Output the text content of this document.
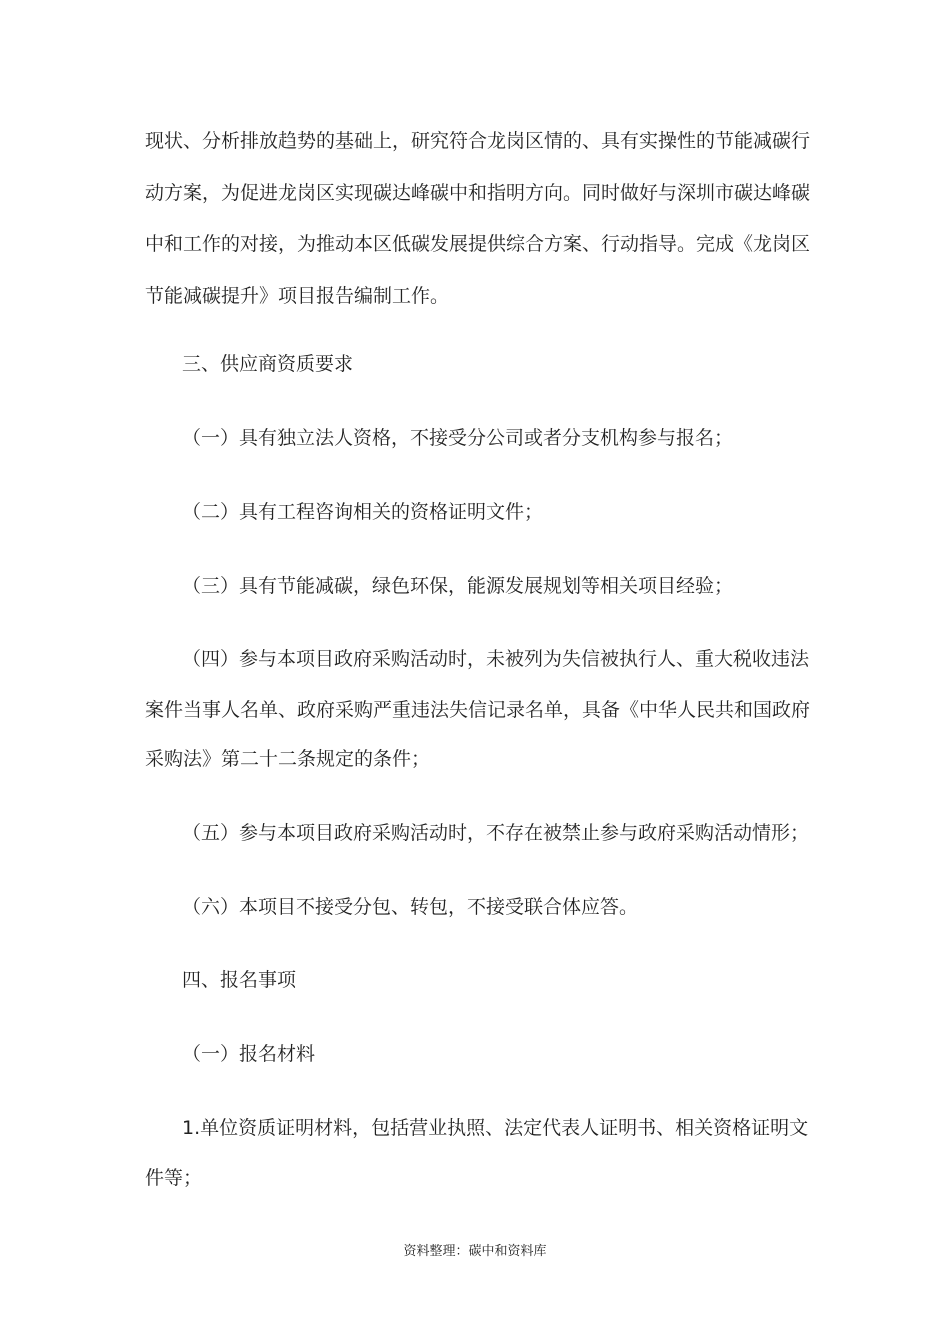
现状、分析排放趋势的基础上，研究符合龙岗区情的、具有实操性的节能减碳行
动方案，为促进龙岗区实现碳达峰碳中和指明方向。同时做好与深圳市碳达峰碳
中和工作的对接，为推动本区低碳发展提供综合方案、行动指导。完成《龙岗区
节能减碳提升》项目报告编制工作。
三、供应商资质要求
（一）具有独立法人资格，不接受分公司或者分支机构参与报名；
（二）具有工程咨询相关的资格证明文件；
（三）具有节能减碳，绿色环保，能源发展规划等相关项目经验；
（四）参与本项目政府采购活动时，未被列为失信被执行人、重大税收违法
案件当事人名单、政府采购严重违法失信记录名单，具备《中华人民共和国政府
采购法》第二十二条规定的条件；
（五）参与本项目政府采购活动时，不存在被禁止参与政府采购活动情形；
（六）本项目不接受分包、转包，不接受联合体应答。
四、报名事项
（一）报名材料
1.单位资质证明材料，包括营业执照、法定代表人证明书、相关资格证明文
件等；
资料整理：碳中和资料库
